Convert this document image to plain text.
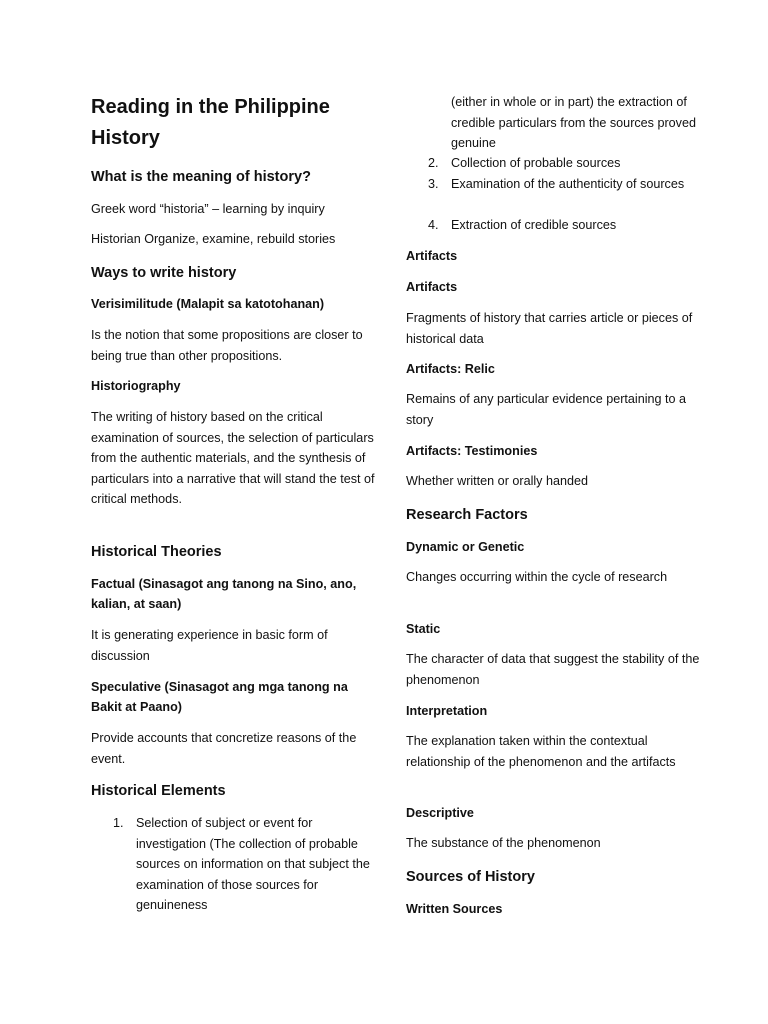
Reading in the Philippine History
What is the meaning of history?

Greek word “historia” – learning by inquiry

Historian Organize, examine, rebuild stories

Ways to write history

Verisimilitude (Malapit sa katotohanan)

Is the notion that some propositions are closer to being true than other propositions.

Historiography

The writing of history based on the critical examination of sources, the selection of particulars from the authentic materials, and the synthesis of particulars into a narrative that will stand the test of critical methods.

Historical Theories

Factual (Sinasagot ang tanong na Sino, ano, kalian, at saan)

It is generating experience in basic form of discussion

Speculative (Sinasagot ang mga tanong na Bakit at Paano)

Provide accounts that concretize reasons of the event.

Historical Elements
1. Selection of subject or event for investigation (The collection of probable sources on information on that subject the examination of those sources for genuineness
(either in whole or in part) the extraction of credible particulars from the sources proved genuine
2. Collection of probable sources
3. Examination of the authenticity of sources
4. Extraction of credible sources

Artifacts

Artifacts

Fragments of history that carries article or pieces of historical data

Artifacts: Relic

Remains of any particular evidence pertaining to a story

Artifacts: Testimonies

Whether written or orally handed

Research Factors

Dynamic or Genetic

Changes occurring within the cycle of research

Static

The character of data that suggest the stability of the phenomenon

Interpretation

The explanation taken within the contextual relationship of the phenomenon and the artifacts

Descriptive

The substance of the phenomenon

Sources of History

Written Sources
